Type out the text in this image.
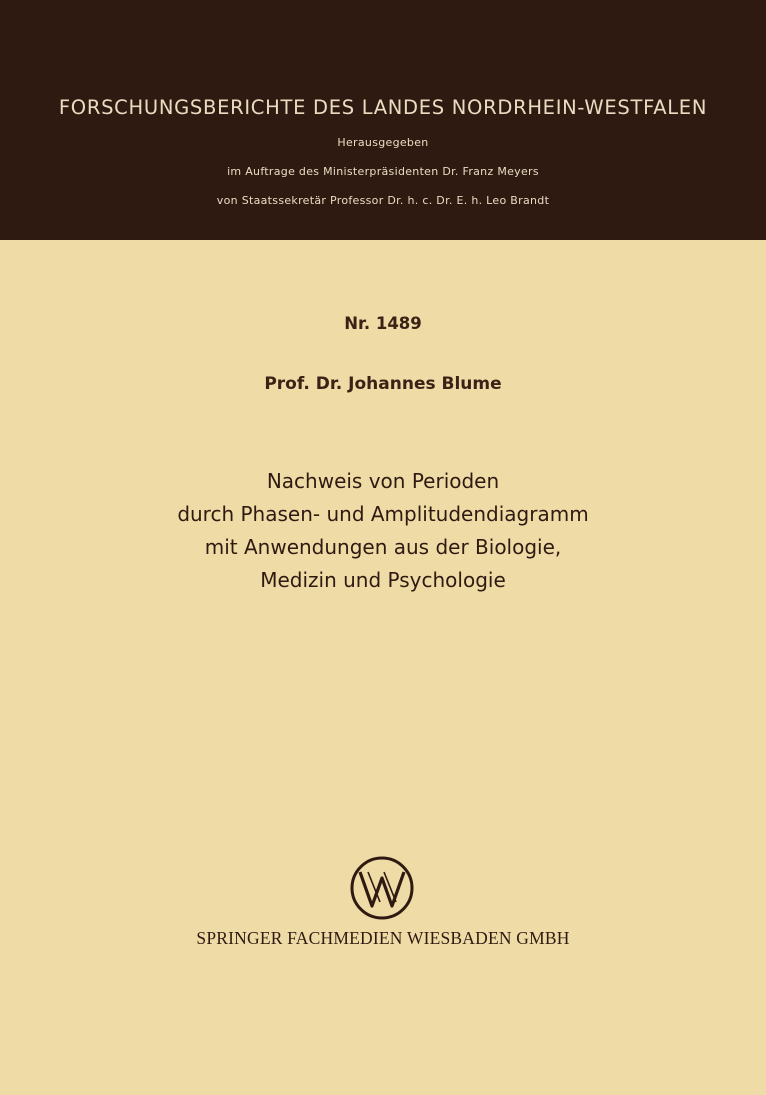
FORSCHUNGSBERICHTE DES LANDES NORDRHEIN-WESTFALEN
Herausgegeben
im Auftrage des Ministerpräsidenten Dr. Franz Meyers
von Staatssekretär Professor Dr. h. c. Dr. E. h. Leo Brandt
Nr. 1489
Prof. Dr. Johannes Blume
Nachweis von Perioden
durch Phasen- und Amplitudendiagramm
mit Anwendungen aus der Biologie,
Medizin und Psychologie
SPRINGER FACHMEDIEN WIESBADEN GMBH
